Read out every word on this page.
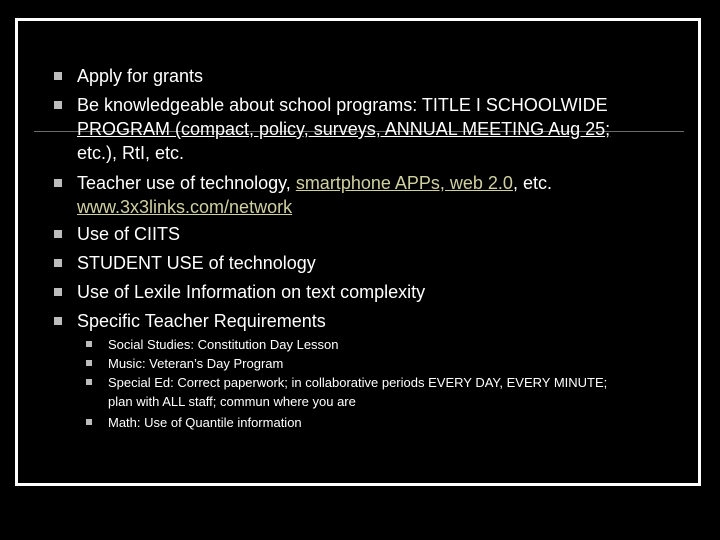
Apply for grants
Be knowledgeable about school programs: TITLE I SCHOOLWIDE
PROGRAM (compact, policy, surveys, ANNUAL MEETING Aug 25;
etc.), RtI, etc.
Teacher use of technology, smartphone APPs, web 2.0, etc.
www.3x3links.com/network
Use of CIITS
STUDENT USE of technology
Use of Lexile Information on text complexity
Specific Teacher Requirements
Social Studies: Constitution Day Lesson
Music: Veteran’s Day Program
Special Ed: Correct paperwork; in collaborative periods EVERY DAY, EVERY MINUTE;
plan with ALL staff; commun where you are
Math: Use of Quantile information
